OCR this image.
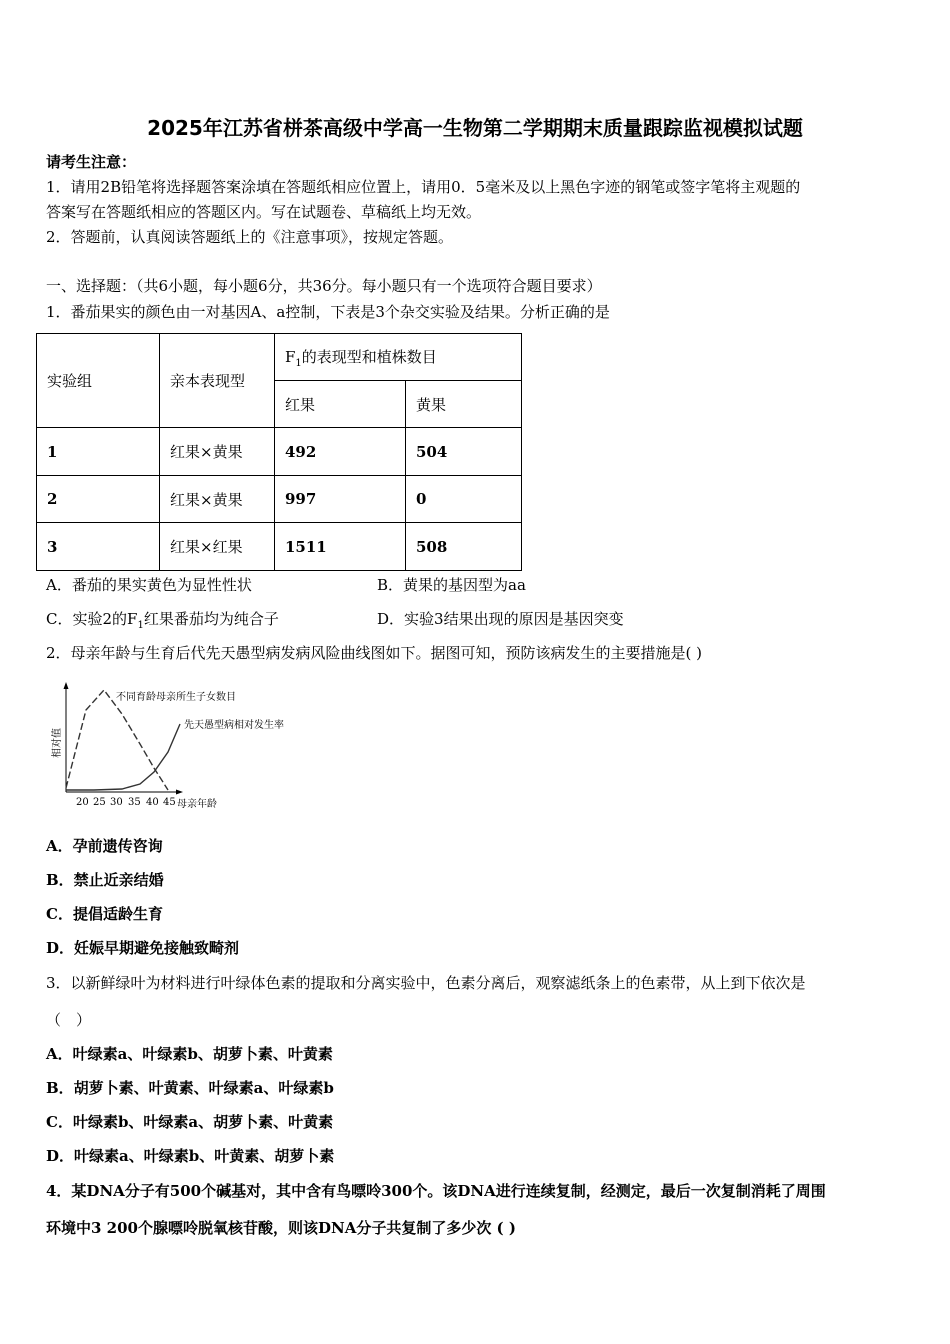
2025年江苏省栟茶高级中学高一生物第二学期期末质量跟踪监视模拟试题
请考生注意：
1．请用2B铅笔将选择题答案涂填在答题纸相应位置上，请用0．5毫米及以上黑色字迹的钢笔或签字笔将主观题的
答案写在答题纸相应的答题区内。写在试题卷、草稿纸上均无效。
2．答题前，认真阅读答题纸上的《注意事项》，按规定答题。
一、选择题：（共6小题，每小题6分，共36分。每小题只有一个选项符合题目要求）
1．番茄果实的颜色由一对基因A、a控制，下表是3个杂交实验及结果。分析正确的是
实验组	亲本表现型	$F_1$的表现型和植株数目	
		红果	黄果
1	红果×黄果	492	504
2	红果×黄果	997	0
3	红果×红果	1511	508
A．番茄的果实黄色为显性性状	B．黄果的基因型为aa
C．实验2的$F_1$红果番茄均为纯合子	D．实验3结果出现的原因是基因突变
2．母亲年龄与生育后代先天愚型病发病风险曲线图如下。据图可知，预防该病发生的主要措施是( )
不同育龄母亲所生子女数目
先天愚型病相对发生率
相对值
20 25 30 35 40 45 母亲年龄
A．孕前遗传咨询
B．禁止近亲结婚
C．提倡适龄生育
D．妊娠早期避免接触致畸剂
3．以新鲜绿叶为材料进行叶绿体色素的提取和分离实验中，色素分离后，观察滤纸条上的色素带，从上到下依次是
（　）
A．叶绿素a、叶绿素b、胡萝卜素、叶黄素
B．胡萝卜素、叶黄素、叶绿素a、叶绿素b
C．叶绿素b、叶绿素a、胡萝卜素、叶黄素
D．叶绿素a、叶绿素b、叶黄素、胡萝卜素
4．某DNA分子有500个碱基对，其中含有鸟嘌呤300个。该DNA进行连续复制，经测定，最后一次复制消耗了周围
环境中3 200个腺嘌呤脱氧核苷酸，则该DNA分子共复制了多少次 ( )
